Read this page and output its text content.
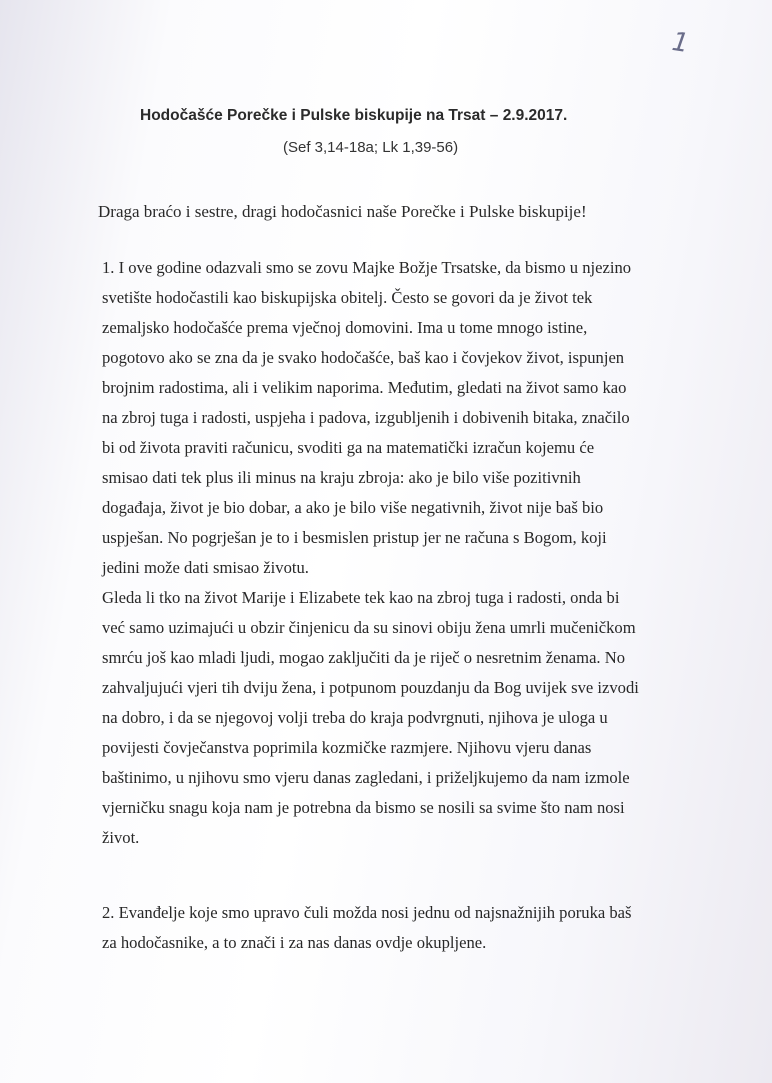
1
Hodočašće Porečke i Pulske biskupije na Trsat – 2.9.2017.
(Sef 3,14-18a; Lk 1,39-56)
Draga braćo i sestre, dragi hodočasnici naše Porečke i Pulske biskupije!
1. I ove godine odazvali smo se zovu Majke Božje Trsatske, da bismo u njezino
svetište hodočastili kao biskupijska obitelj. Često se govori da je život tek
zemaljsko hodočašće prema vječnoj domovini. Ima u tome mnogo istine,
pogotovo ako se zna da je svako hodočašće, baš kao i čovjekov život, ispunjen
brojnim radostima, ali i velikim naporima. Međutim, gledati na život samo kao
na zbroj tuga i radosti, uspjeha i padova, izgubljenih i dobivenih bitaka, značilo
bi od života praviti računicu, svoditi ga na matematički izračun kojemu će
smisao dati tek plus ili minus na kraju zbroja: ako je bilo više pozitivnih
događaja, život je bio dobar, a ako je bilo više negativnih, život nije baš bio
uspješan. No pogrješan je to i besmislen pristup jer ne računa s Bogom, koji
jedini može dati smisao životu.
Gleda li tko na život Marije i Elizabete tek kao na zbroj tuga i radosti, onda bi
već samo uzimajući u obzir činjenicu da su sinovi obiju žena umrli mučeničkom
smrću još kao mladi ljudi, mogao zaključiti da je riječ o nesretnim ženama. No
zahvaljujući vjeri tih dviju žena, i potpunom pouzdanju da Bog uvijek sve izvodi
na dobro, i da se njegovoj volji treba do kraja podvrgnuti, njihova je uloga u
povijesti čovječanstva poprimila kozmičke razmjere. Njihovu vjeru danas
baštinimo, u njihovu smo vjeru danas zagledani, i priželjkujemo da nam izmole
vjerničku snagu koja nam je potrebna da bismo se nosili sa svime što nam nosi
život.
2. Evanđelje koje smo upravo čuli možda nosi jednu od najsnažnijih poruka baš
za hodočasnike, a to znači i za nas danas ovdje okupljene.
